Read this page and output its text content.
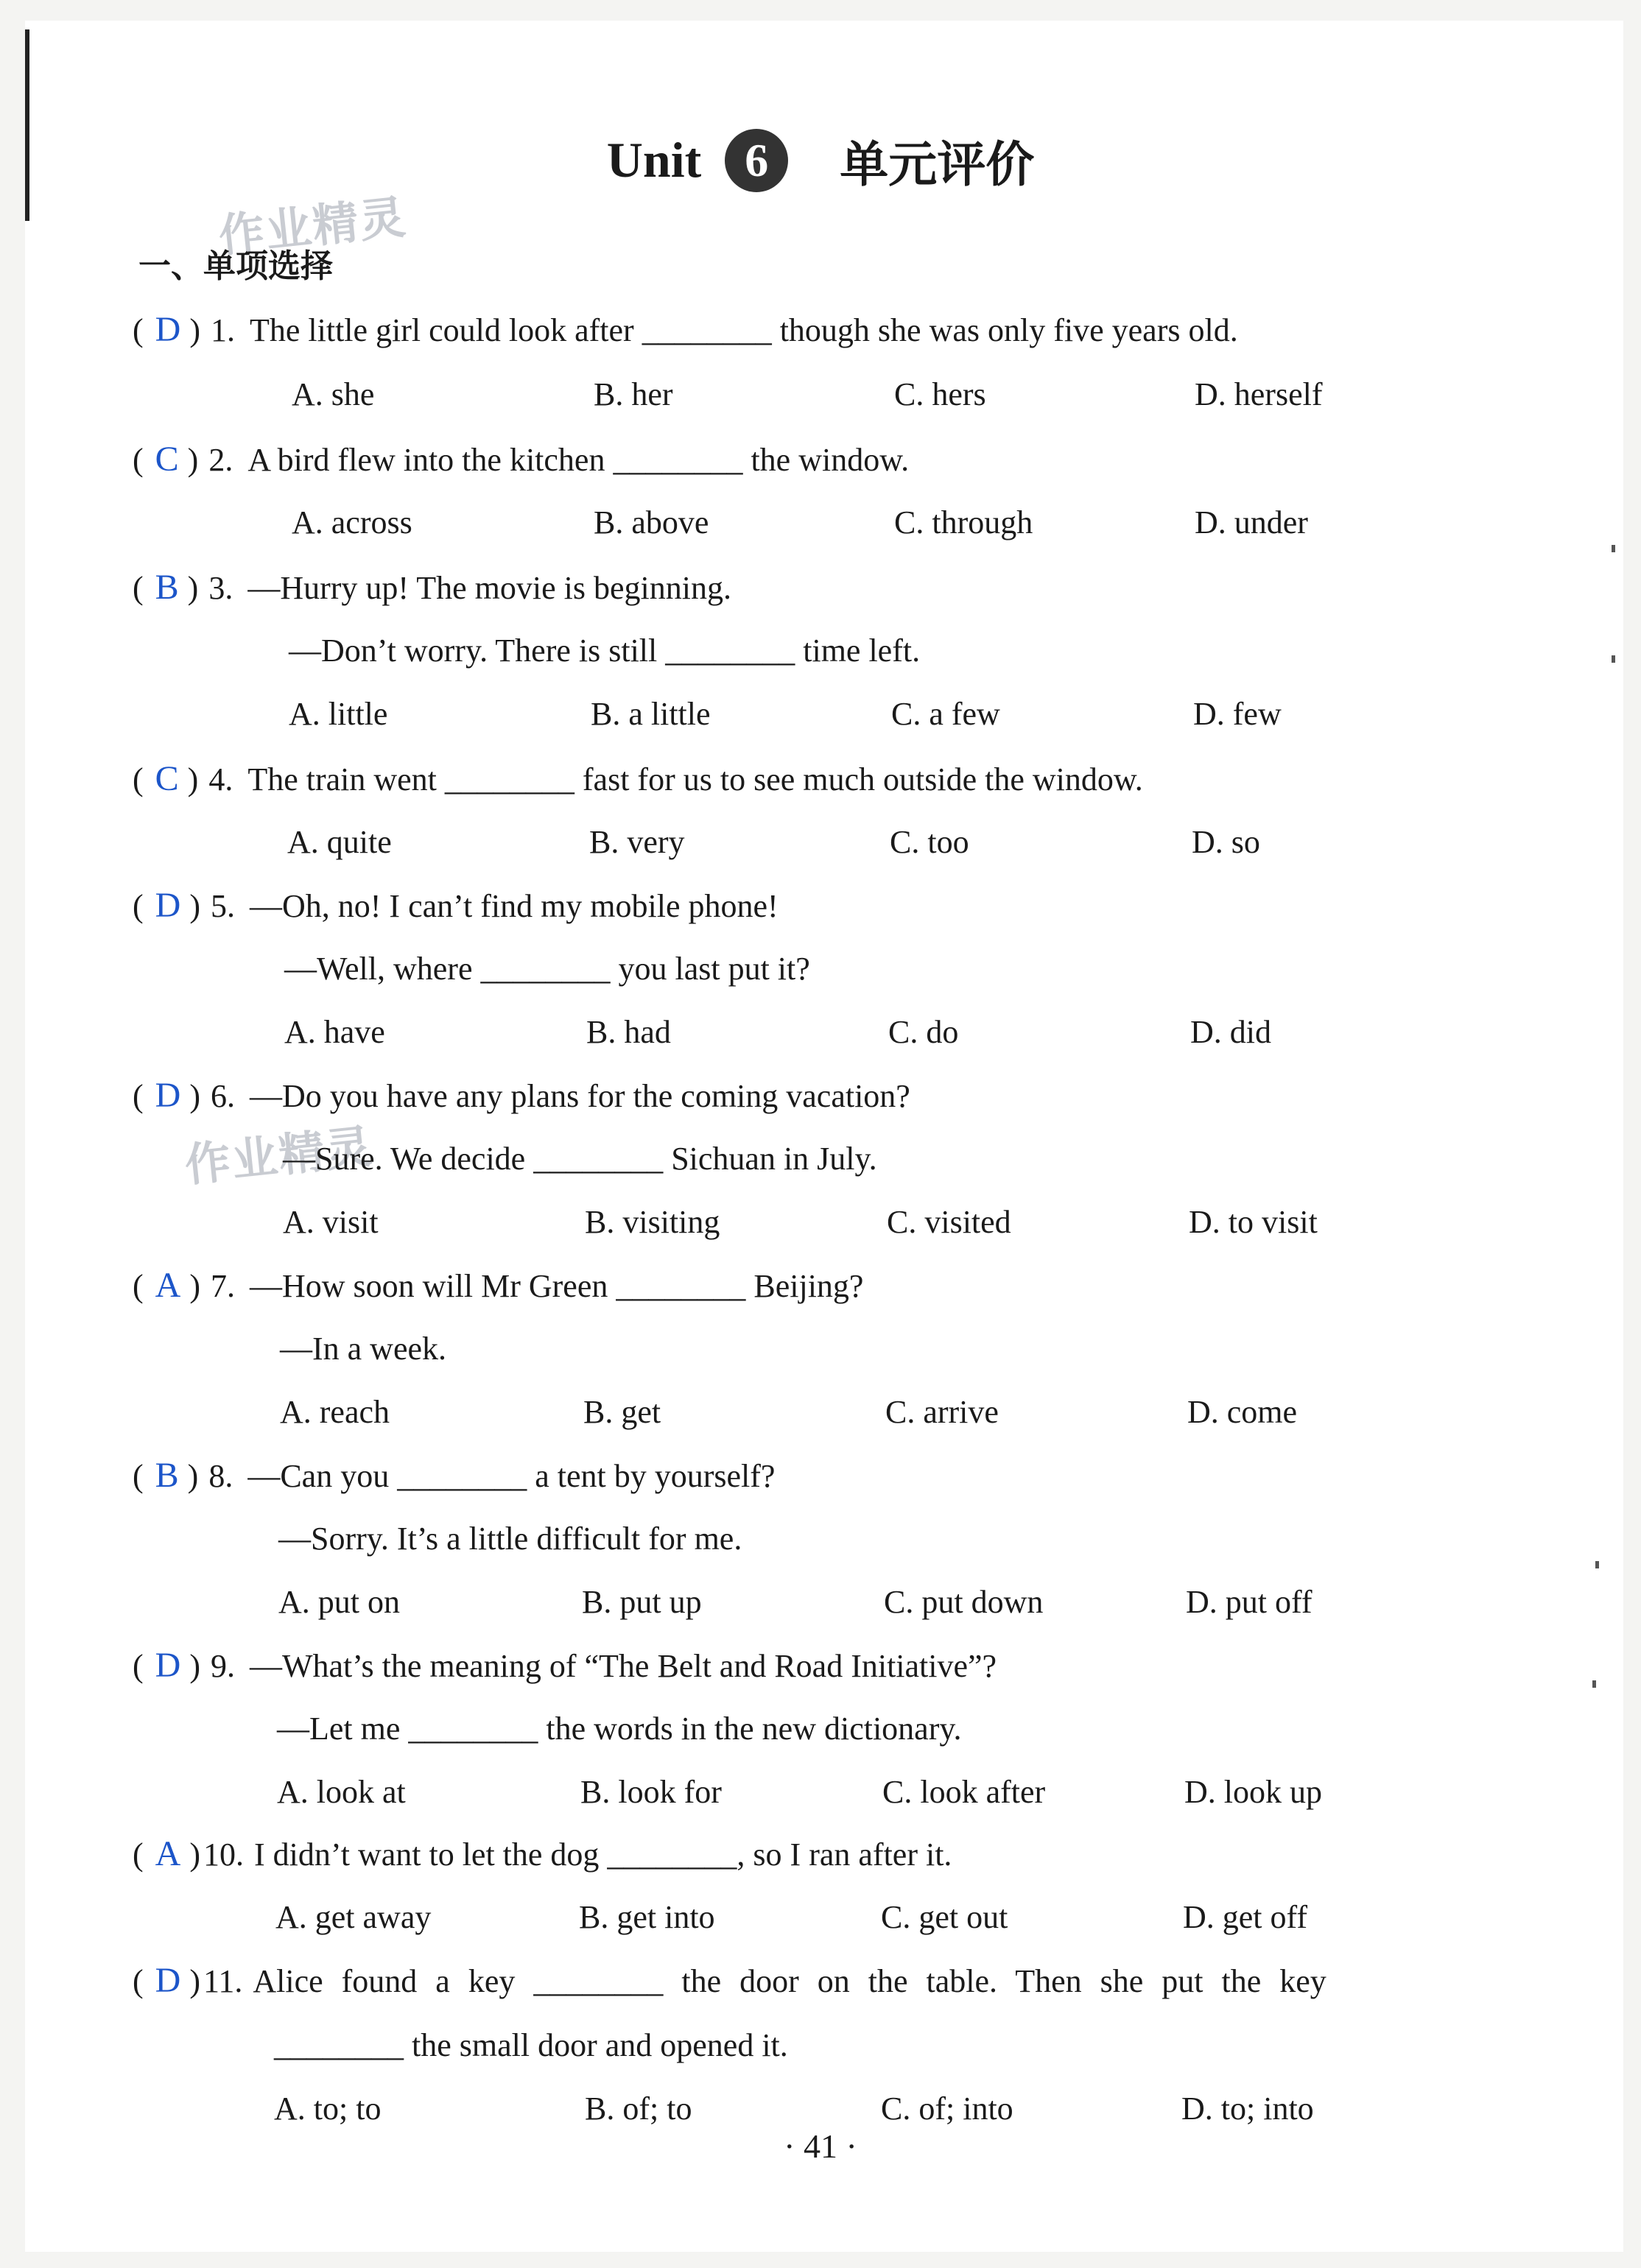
Unit 6	单元评价
作业精灵
作业精灵
一、单项选择
( D ) 1. The little girl could look after ________ though she was only five years old.
A. she	B. her	C. hers	D. herself
( C ) 2. A bird flew into the kitchen ________ the window.
A. across	B. above	C. through	D. under
( B ) 3. —Hurry up! The movie is beginning.
—Don’t worry. There is still ________ time left.
A. little	B. a little	C. a few	D. few
( C ) 4. The train went ________ fast for us to see much outside the window.
A. quite	B. very	C. too	D. so
( D ) 5. —Oh, no! I can’t find my mobile phone!
—Well, where ________ you last put it?
A. have	B. had	C. do	D. did
( D ) 6. —Do you have any plans for the coming vacation?
—Sure. We decide ________ Sichuan in July.
A. visit	B. visiting	C. visited	D. to visit
( A ) 7. —How soon will Mr Green ________ Beijing?
—In a week.
A. reach	B. get	C. arrive	D. come
( B ) 8. —Can you ________ a tent by yourself?
—Sorry. It’s a little difficult for me.
A. put on	B. put up	C. put down	D. put off
( D ) 9. —What’s the meaning of “The Belt and Road Initiative”?
—Let me ________ the words in the new dictionary.
A. look at	B. look for	C. look after	D. look up
( A ) 10. I didn’t want to let the dog ________, so I ran after it.
A. get away	B. get into	C. get out	D. get off
( D ) 11. Alice found a key ________ the door on the table. Then she put the key
________ the small door and opened it.
A. to; to	B. of; to	C. of; into	D. to; into
· 41 ·
